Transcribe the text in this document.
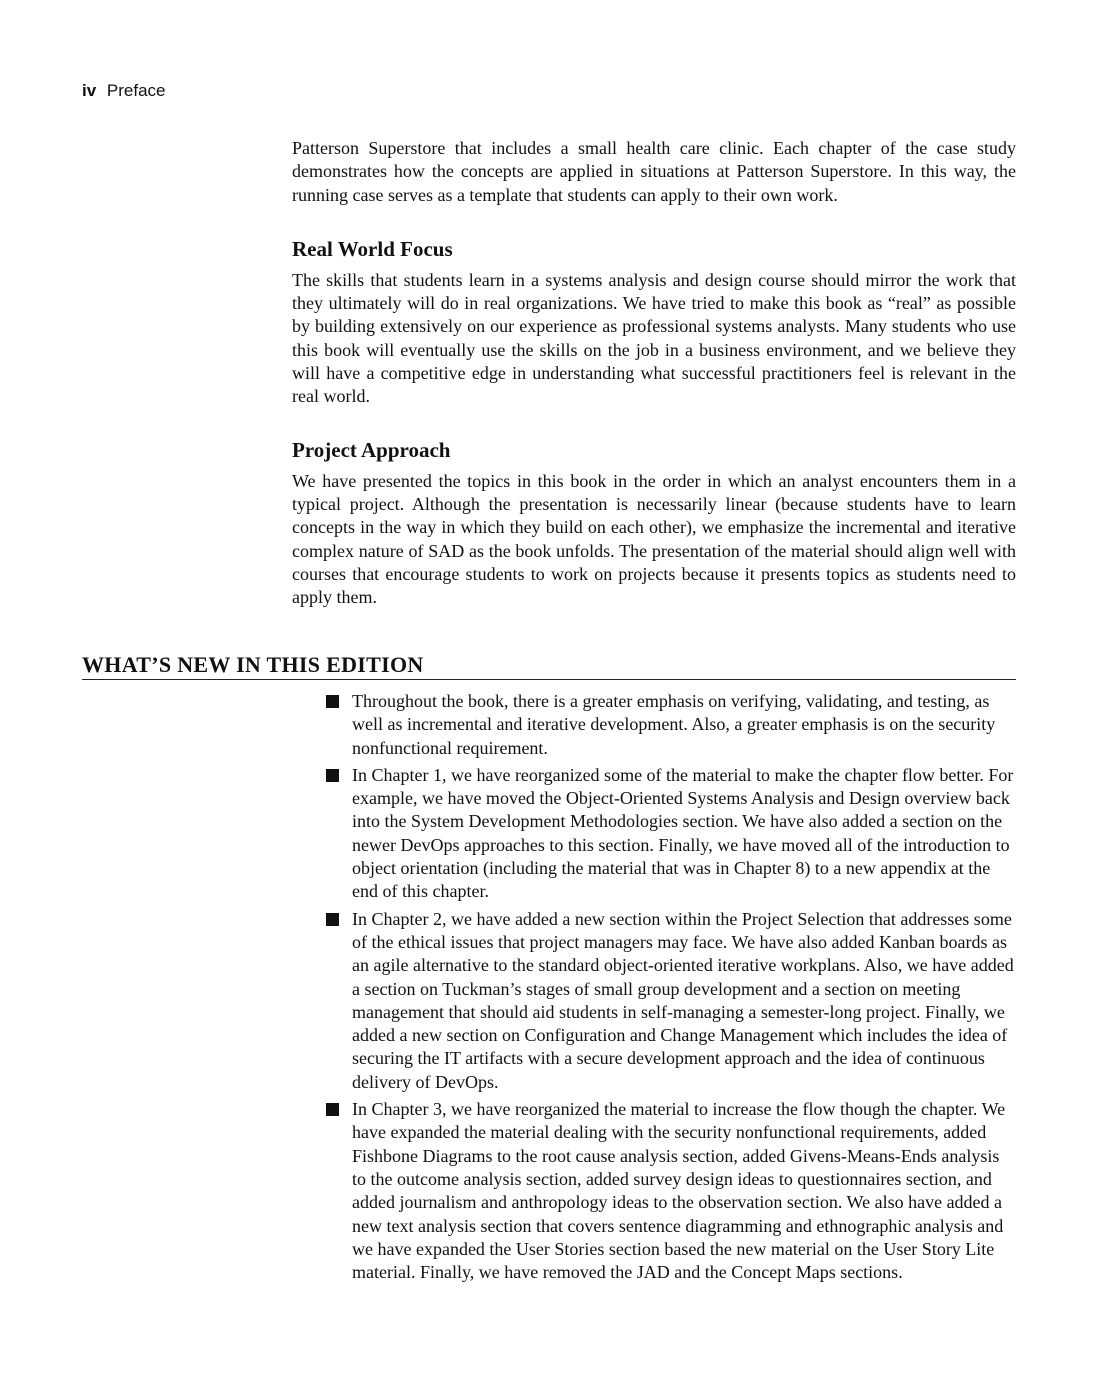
iv Preface

Patterson Superstore that includes a small health care clinic. Each chapter of the case study demonstrates how the concepts are applied in situations at Patterson Superstore. In this way, the running case serves as a template that students can apply to their own work.

Real World Focus

The skills that students learn in a systems analysis and design course should mirror the work that they ultimately will do in real organizations. We have tried to make this book as “real” as possible by building extensively on our experience as professional systems analysts. Many students who use this book will eventually use the skills on the job in a business environment, and we believe they will have a competitive edge in understanding what successful practitioners feel is relevant in the real world.

Project Approach

We have presented the topics in this book in the order in which an analyst encounters them in a typical project. Although the presentation is necessarily linear (because students have to learn concepts in the way in which they build on each other), we emphasize the incremental and iterative complex nature of SAD as the book unfolds. The presentation of the material should align well with courses that encourage students to work on projects because it presents topics as students need to apply them.

WHAT’S NEW IN THIS EDITION
Throughout the book, there is a greater emphasis on verifying, validating, and testing, as well as incremental and iterative development. Also, a greater emphasis is on the security nonfunctional requirement.
In Chapter 1, we have reorganized some of the material to make the chapter flow better. For example, we have moved the Object-Oriented Systems Analysis and Design overview back into the System Development Methodologies section. We have also added a section on the newer DevOps approaches to this section. Finally, we have moved all of the introduction to object orientation (including the material that was in Chapter 8) to a new appendix at the end of this chapter.
In Chapter 2, we have added a new section within the Project Selection that addresses some of the ethical issues that project managers may face. We have also added Kanban boards as an agile alternative to the standard object-oriented iterative workplans. Also, we have added a section on Tuckman’s stages of small group development and a section on meeting management that should aid students in self-managing a semester-long project. Finally, we added a new section on Configuration and Change Management which includes the idea of securing the IT artifacts with a secure development approach and the idea of continuous delivery of DevOps.
In Chapter 3, we have reorganized the material to increase the flow though the chapter. We have expanded the material dealing with the security nonfunctional requirements, added Fishbone Diagrams to the root cause analysis section, added Givens-Means-Ends analysis to the outcome analysis section, added survey design ideas to questionnaires section, and added journalism and anthropology ideas to the observation section. We also have added a new text analysis section that covers sentence diagramming and ethnographic analysis and we have expanded the User Stories section based the new material on the User Story Lite material. Finally, we have removed the JAD and the Concept Maps sections.
